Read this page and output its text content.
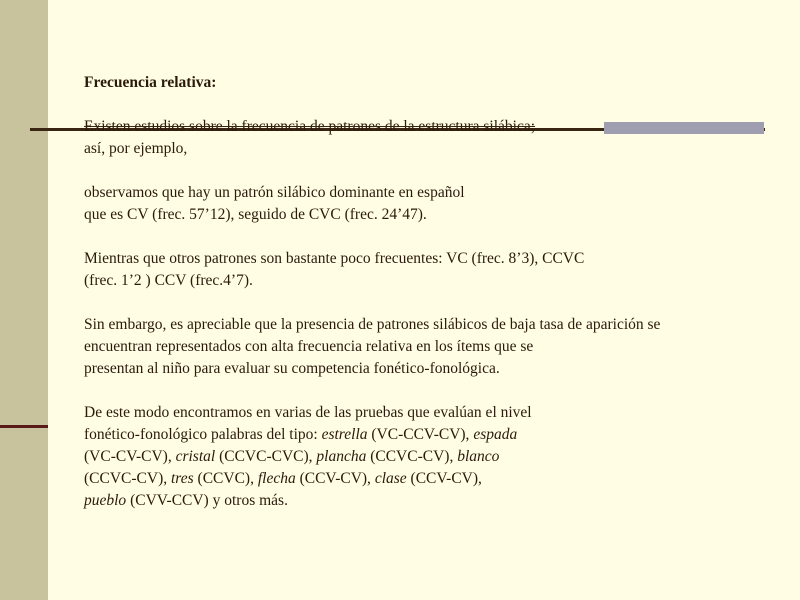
Frecuencia relativa:

Existen estudios sobre la frecuencia de patrones de la estructura silábica;
así, por ejemplo,

observamos que hay un patrón silábico dominante en español
que es CV (frec. 57’12), seguido de CVC (frec. 24’47).

Mientras que otros patrones son bastante poco frecuentes: VC (frec. 8’3), CCVC
(frec. 1’2 ) CCV (frec.4’7).

Sin embargo, es apreciable que la presencia de patrones silábicos de baja tasa de aparición se
encuentran representados con alta frecuencia relativa en los ítems que se
presentan al niño para evaluar su competencia fonético-fonológica.

De este modo encontramos en varias de las pruebas que evalúan el nivel
fonético-fonológico palabras del tipo: estrella (VC-CCV-CV), espada
(VC-CV-CV), cristal (CCVC-CVC), plancha (CCVC-CV), blanco
(CCVC-CV), tres (CCVC), flecha (CCV-CV), clase (CCV-CV),
pueblo (CVV-CCV) y otros más.
